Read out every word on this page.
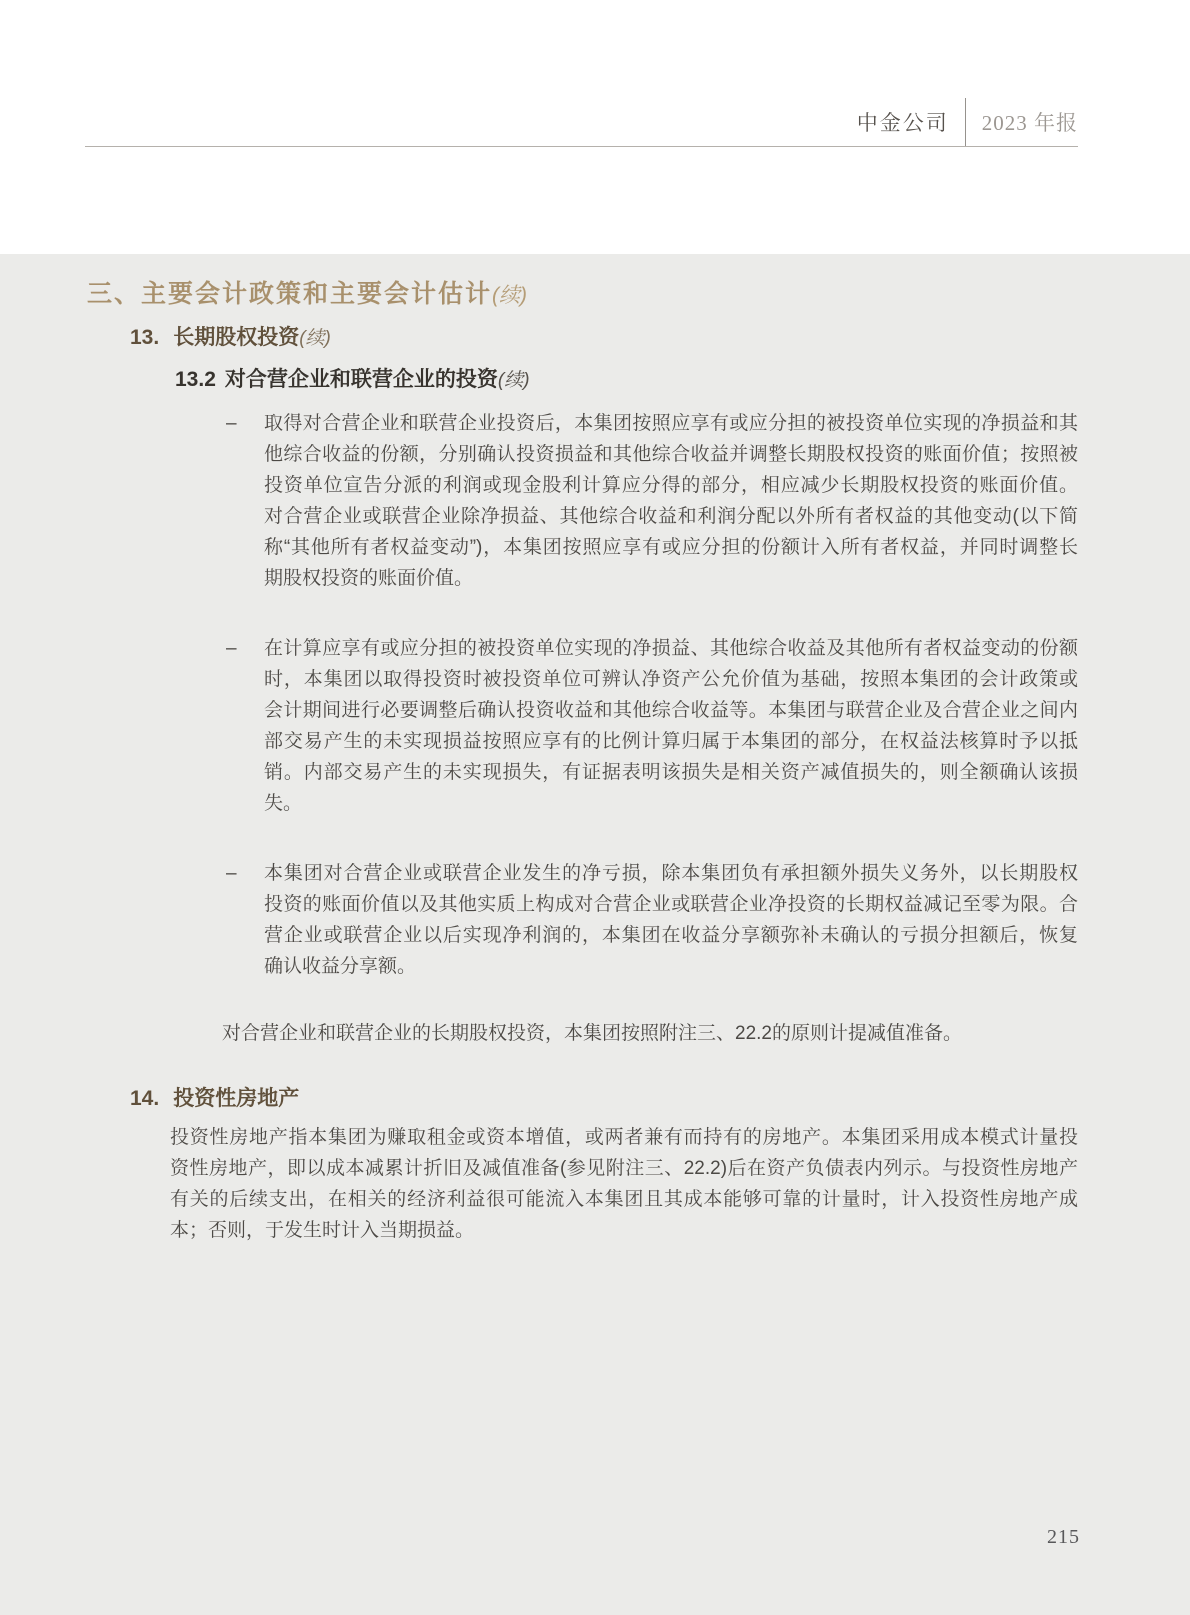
中金公司 2023 年报
三、主要会计政策和主要会计估计(续)
13. 长期股权投资(续)
13.2 对合营企业和联营企业的投资(续)
–	取得对合营企业和联营企业投资后，本集团按照应享有或应分担的被投资单位实现的净损益和其
他综合收益的份额，分别确认投资损益和其他综合收益并调整长期股权投资的账面价值；按照被
投资单位宣告分派的利润或现金股利计算应分得的部分，相应减少长期股权投资的账面价值。
对合营企业或联营企业除净损益、其他综合收益和利润分配以外所有者权益的其他变动(以下简
称“其他所有者权益变动”)，本集团按照应享有或应分担的份额计入所有者权益，并同时调整长
期股权投资的账面价值。
–	在计算应享有或应分担的被投资单位实现的净损益、其他综合收益及其他所有者权益变动的份额
时，本集团以取得投资时被投资单位可辨认净资产公允价值为基础，按照本集团的会计政策或
会计期间进行必要调整后确认投资收益和其他综合收益等。本集团与联营企业及合营企业之间内
部交易产生的未实现损益按照应享有的比例计算归属于本集团的部分，在权益法核算时予以抵
销。内部交易产生的未实现损失，有证据表明该损失是相关资产减值损失的，则全额确认该损
失。
–	本集团对合营企业或联营企业发生的净亏损，除本集团负有承担额外损失义务外，以长期股权
投资的账面价值以及其他实质上构成对合营企业或联营企业净投资的长期权益减记至零为限。合
营企业或联营企业以后实现净利润的，本集团在收益分享额弥补未确认的亏损分担额后，恢复
确认收益分享额。
对合营企业和联营企业的长期股权投资，本集团按照附注三、22.2的原则计提减值准备。
14. 投资性房地产
投资性房地产指本集团为赚取租金或资本增值，或两者兼有而持有的房地产。本集团采用成本模式计量投
资性房地产，即以成本减累计折旧及减值准备(参见附注三、22.2)后在资产负债表内列示。与投资性房地产
有关的后续支出，在相关的经济利益很可能流入本集团且其成本能够可靠的计量时，计入投资性房地产成
本；否则，于发生时计入当期损益。
215
